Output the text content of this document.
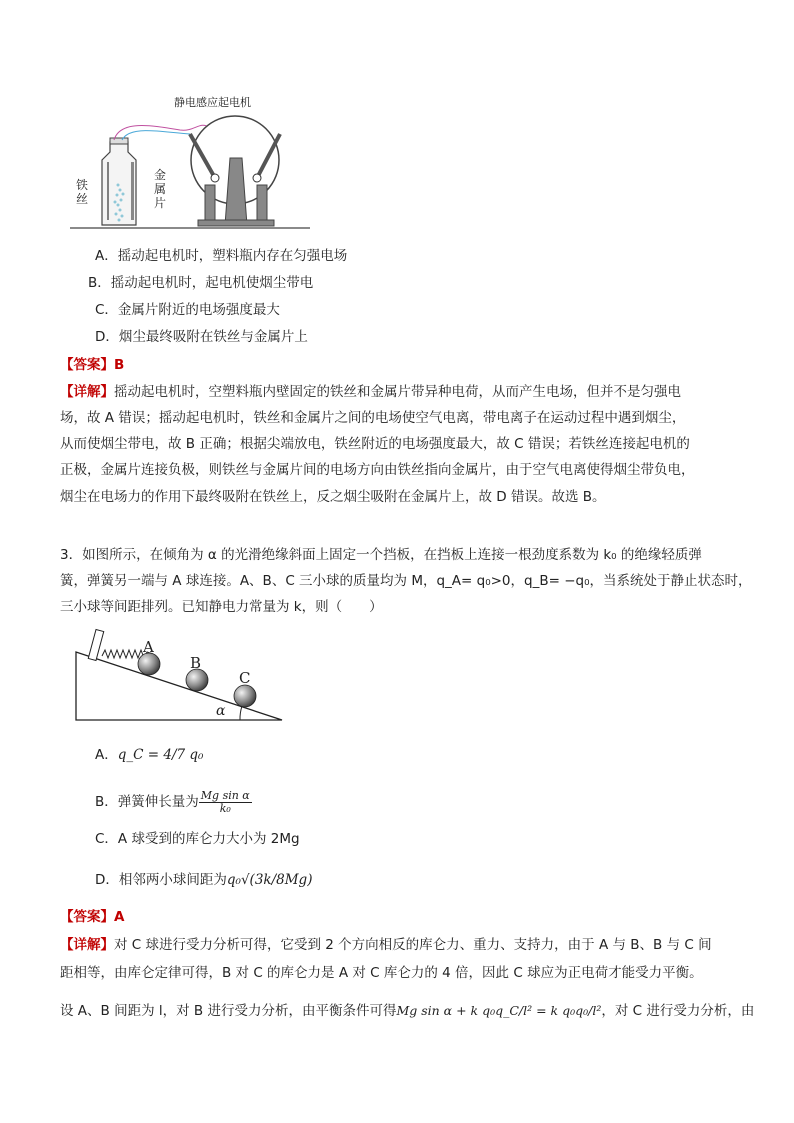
静电感应起电机
铁丝
金属片
A．摇动起电机时，塑料瓶内存在匀强电场
B．摇动起电机时，起电机使烟尘带电
C．金属片附近的电场强度最大
D．烟尘最终吸附在铁丝与金属片上
【答案】B
【详解】摇动起电机时，空塑料瓶内壁固定的铁丝和金属片带异种电荷，从而产生电场，但并不是匀强电
场，故 A 错误；摇动起电机时，铁丝和金属片之间的电场使空气电离，带电离子在运动过程中遇到烟尘，
从而使烟尘带电，故 B 正确；根据尖端放电，铁丝附近的电场强度最大，故 C 错误；若铁丝连接起电机的
正极，金属片连接负极，则铁丝与金属片间的电场方向由铁丝指向金属片，由于空气电离使得烟尘带负电，
烟尘在电场力的作用下最终吸附在铁丝上，反之烟尘吸附在金属片上，故 D 错误。故选 B。
3．如图所示，在倾角为 α 的光滑绝缘斜面上固定一个挡板，在挡板上连接一根劲度系数为 k₀ 的绝缘轻质弹
簧，弹簧另一端与 A 球连接。A、B、C 三小球的质量均为 M，q_A= q₀>0，q_B= −q₀，当系统处于静止状态时，
三小球等间距排列。已知静电力常量为 k，则（　　）
A
B
C
α
A．q_C = 4/7 q₀
B．弹簧伸长量为 $\frac{\text{Mg sin α}}{\text{k₀}}$
C．A 球受到的库仑力大小为 2Mg
D．相邻两小球间距为q₀√(3k/8Mg)
【答案】A
【详解】对 C 球进行受力分析可得，它受到 2 个方向相反的库仑力、重力、支持力，由于 A 与 B、B 与 C 间
距相等，由库仑定律可得，B 对 C 的库仑力是 A 对 C 库仑力的 4 倍，因此 C 球应为正电荷才能受力平衡。
设 A、B 间距为 l，对 B 进行受力分析，由平衡条件可得Mg sin α + k q₀q_C/l² = k q₀q₀/l²，对 C 进行受力分析，由
